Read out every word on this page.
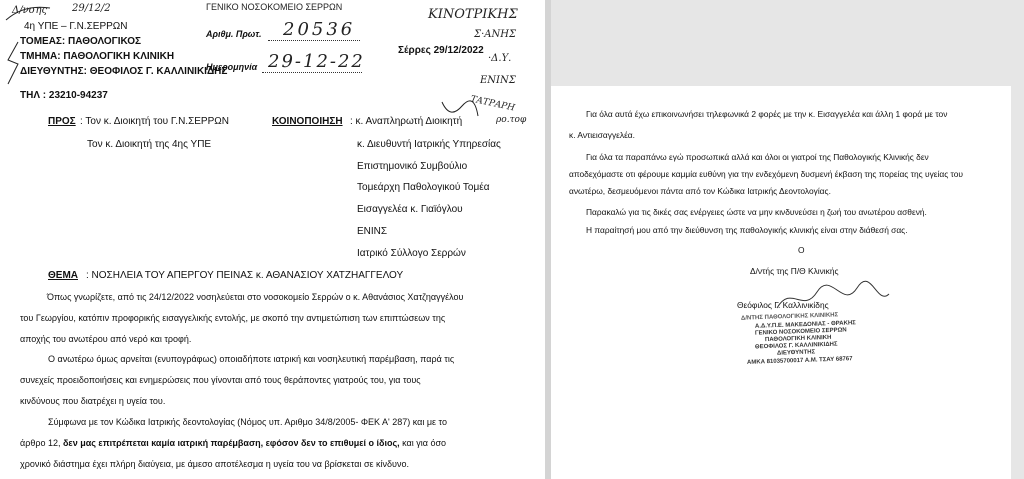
Δ/νσης 29/12/2
4η ΥΠΕ – Γ.Ν.ΣΕΡΡΩΝ
ΤΟΜΕΑΣ: ΠΑΘΟΛΟΓΙΚΟΣ
ΤΜΗΜΑ: ΠΑΘΟΛΟΓΙΚΗ ΚΛΙΝΙΚΗ
ΔΙΕΥΘΥΝΤΗΣ: ΘΕΟΦΙΛΟΣ Γ. ΚΑΛΛΙΝΙΚΙΔΗΣ
ΤΗΛ : 23210-94237
ΓΕΝΙΚΟ ΝΟΣΟΚΟΜΕΙΟ ΣΕΡΡΩΝ
Αριθμ. Πρωτ. 20536
Ημερομηνία 29-12-22
Σέρρες 29/12/2022
ΚΙΝΟΤΡΙΚΗΣ
Σ·ΑΝΗΣ
·Δ.Υ.
ΕΝΙΝΣ
ΤΑΤΡΑΡΗ
ρο.τοφ
ΠΡΟΣ : Τον κ. Διοικητή του Γ.Ν.ΣΕΡΡΩΝ
Τον κ. Διοικητή της 4ης ΥΠΕ
ΚΟΙΝΟΠΟΙΗΣΗ : κ. Αναπληρωτή Διοικητή
κ. Διευθυντή Ιατρικής Υπηρεσίας
Επιστημονικό Συμβούλιο
Τομεάρχη Παθολογικού Τομέα
Εισαγγελέα κ. Γιαϊόγλου
ΕΝΙΝΣ
Ιατρικό Σύλλογο Σερρών
ΘΕΜΑ : ΝΟΣΗΛΕΙΑ ΤΟΥ ΑΠΕΡΓΟΥ ΠΕΙΝΑΣ κ. ΑΘΑΝΑΣΙΟΥ ΧΑΤΖΗΑΓΓΕΛΟΥ
Όπως γνωρίζετε, από τις 24/12/2022 νοσηλεύεται στο νοσοκομείο Σερρών ο κ. Αθανάσιος Χατζηαγγέλου
του Γεωργίου, κατόπιν προφορικής εισαγγελικής εντολής, με σκοπό την αντιμετώπιση των επιπτώσεων της
αποχής του ανωτέρου από νερό και τροφή.
Ο ανωτέρω όμως αρνείται (ενυπογράφως) οποιαδήποτε ιατρική και νοσηλευτική παρέμβαση, παρά τις
συνεχείς προειδοποιήσεις και ενημερώσεις που γίνονται από τους θεράποντες γιατρούς του, για τους
κινδύνους που διατρέχει η υγεία του.
Σύμφωνα με τον Κώδικα Ιατρικής δεοντολογίας (Νόμος υπ. Αριθμο 34/8/2005- ΦΕΚ Α' 287) και με το
άρθρο 12, δεν μας επιτρέπεται καμία ιατρική παρέμβαση, εφόσον δεν το επιθυμεί ο ίδιος, και για όσο
χρονικό διάστημα έχει πλήρη διαύγεια, με άμεσο αποτέλεσμα η υγεία του να βρίσκεται σε κίνδυνο.
Για όλα αυτά έχω επικοινωνήσει τηλεφωνικά 2 φορές με την κ. Εισαγγελέα και άλλη 1 φορά με τον
κ. Αντιεισαγγελέα.
Για όλα τα παραπάνω εγώ προσωπικά αλλά και όλοι οι γιατροί της Παθολογικής Κλινικής δεν
αποδεχόμαστε οτι φέρουμε καμμία ευθύνη για την ενδεχόμενη δυσμενή έκβαση της πορείας της υγείας του
ανωτέρω, δεσμευόμενοι πάντα από τον Κώδικα Ιατρικής Δεοντολογίας.
Παρακαλώ για τις δικές σας ενέργειες ώστε να μην κινδυνεύσει η ζωή του ανωτέρου ασθενή.
Η παραίτησή μου από την διεύθυνση της παθολογικής κλινικής είναι στην διάθεσή σας.
Ο
Δ/ντής της Π/Θ Κλινικής
Θεόφιλος Γ. Καλλινικίδης
Δ/ΝΤΗΣ ΠΑΘΟΛΟΓΙΚΗΣ ΚΛΙΝΙΚΗΣ
Α.Δ.Υ.Π.Ε. ΜΑΚΕΔΟΝΙΑΣ - ΘΡΑΚΗΣ
ΓΕΝΙΚΟ ΝΟΣΟΚΟΜΕΙΟ ΣΕΡΡΩΝ
ΠΑΘΟΛΟΓΙΚΗ ΚΛΙΝΙΚΗ
ΘΕΟΦΙΛΟΣ Γ. ΚΑΛΛΙΝΙΚΙΔΗΣ
ΔΙΕΥΘΥΝΤΗΣ
ΑΜΚΑ 81035700017 Α.Μ. ΤΣΑΥ 68767
